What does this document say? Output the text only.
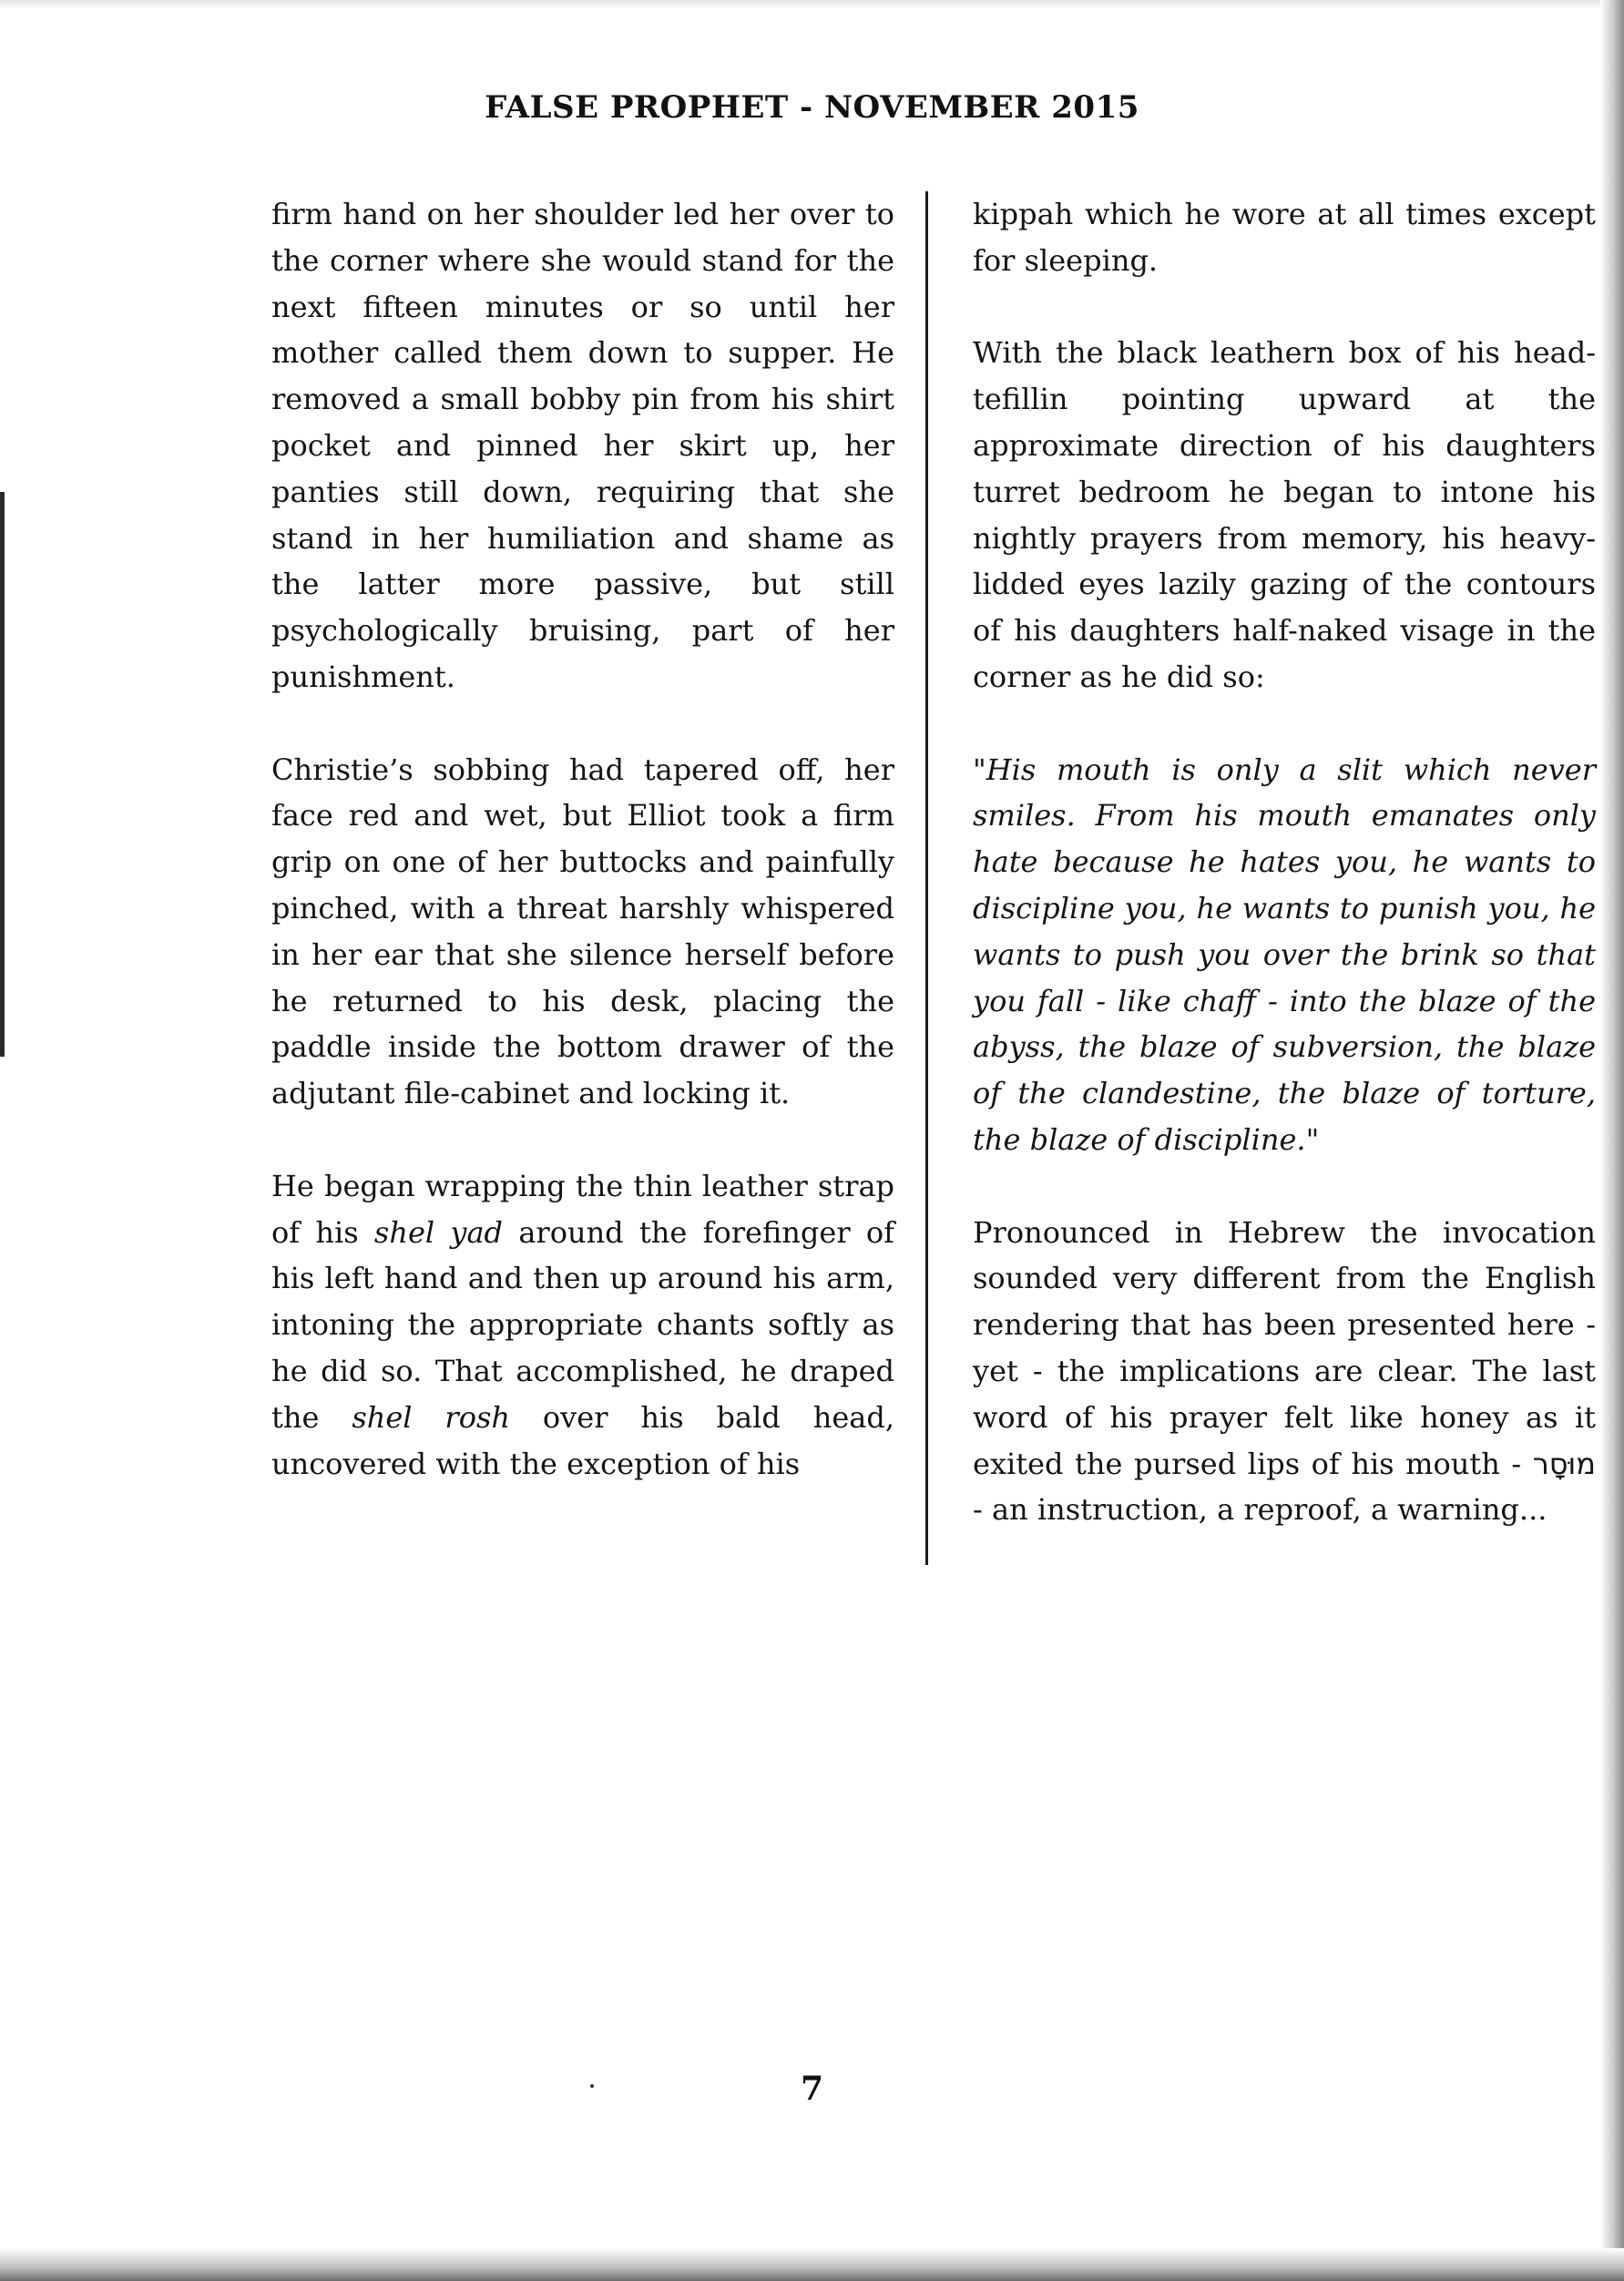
FALSE PROPHET - NOVEMBER 2015

firm hand on her shoulder led her over to the corner where she would stand for the next fifteen minutes or so until her mother called them down to supper. He removed a small bobby pin from his shirt pocket and pinned her skirt up, her panties still down, requiring that she stand in her humiliation and shame as the latter more passive, but still psychologically bruising, part of her punishment.

Christie’s sobbing had tapered off, her face red and wet, but Elliot took a firm grip on one of her buttocks and painfully pinched, with a threat harshly whispered in her ear that she silence herself before he returned to his desk, placing the paddle inside the bottom drawer of the adjutant file-cabinet and locking it.

He began wrapping the thin leather strap of his shel yad around the forefinger of his left hand and then up around his arm, intoning the appropriate chants softly as he did so. That accomplished, he draped the shel rosh over his bald head, uncovered with the exception of his

kippah which he wore at all times except for sleeping.

With the black leathern box of his head-tefillin pointing upward at the approximate direction of his daughters turret bedroom he began to intone his nightly prayers from memory, his heavy-lidded eyes lazily gazing of the contours of his daughters half-naked visage in the corner as he did so:

"His mouth is only a slit which never smiles. From his mouth emanates only hate because he hates you, he wants to discipline you, he wants to punish you, he wants to push you over the brink so that you fall - like chaff - into the blaze of the abyss, the blaze of subversion, the blaze of the clandestine, the blaze of torture, the blaze of discipline."

Pronounced in Hebrew the invocation sounded very different from the English rendering that has been presented here - yet - the implications are clear. The last word of his prayer felt like honey as it exited the pursed lips of his mouth - מוּסָר - an instruction, a reproof, a warning...

7
